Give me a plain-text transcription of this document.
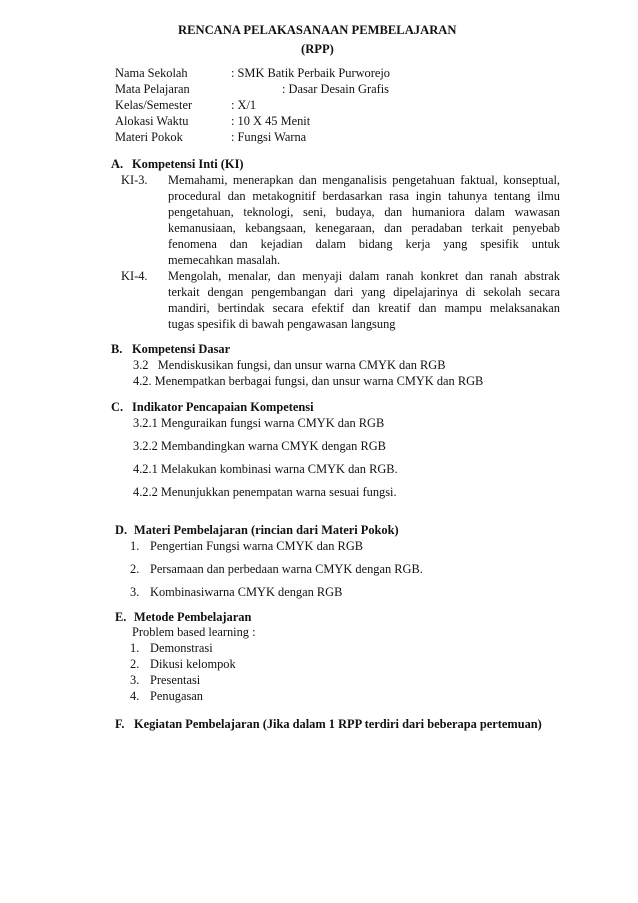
RENCANA PELAKASANAAN PEMBELAJARAN
(RPP)
Nama Sekolah	: SMK Batik Perbaik Purworejo
Mata Pelajaran	: Dasar Desain Grafis
Kelas/Semester	: X/1
Alokasi Waktu	: 10 X 45 Menit
Materi Pokok	: Fungsi Warna
A. Kompetensi Inti (KI)
KI-3. Memahami, menerapkan dan menganalisis pengetahuan faktual, konseptual,
procedural dan metakognitif berdasarkan rasa ingin tahunya tentang ilmu
pengetahuan, teknologi, seni, budaya, dan humaniora dalam wawasan
kemanusiaan, kebangsaan, kenegaraan, dan peradaban terkait penyebab
fenomena dan kejadian dalam bidang kerja yang spesifik untuk
memecahkan masalah.
KI-4. Mengolah, menalar, dan menyaji dalam ranah konkret dan ranah abstrak
terkait dengan pengembangan dari yang dipelajarinya di sekolah secara
mandiri, bertindak secara efektif dan kreatif dan mampu melaksanakan
tugas spesifik di bawah pengawasan langsung
B. Kompetensi Dasar
3.2   Mendiskusikan fungsi, dan unsur warna CMYK dan RGB
4.2. Menempatkan berbagai fungsi, dan unsur warna CMYK dan RGB
C. Indikator Pencapaian Kompetensi
3.2.1 Menguraikan fungsi warna CMYK dan RGB
3.2.2 Membandingkan warna CMYK dengan RGB
4.2.1 Melakukan kombinasi warna CMYK dan RGB.
4.2.2 Menunjukkan penempatan warna sesuai fungsi.
D. Materi Pembelajaran (rincian dari Materi Pokok)
1. Pengertian Fungsi warna CMYK dan RGB
2. Persamaan dan perbedaan warna CMYK dengan RGB.
3. Kombinasiwarna CMYK dengan RGB
E. Metode Pembelajaran
Problem based learning :
1. Demonstrasi
2. Dikusi kelompok
3. Presentasi
4. Penugasan
F. Kegiatan Pembelajaran (Jika dalam 1 RPP terdiri dari beberapa pertemuan)
